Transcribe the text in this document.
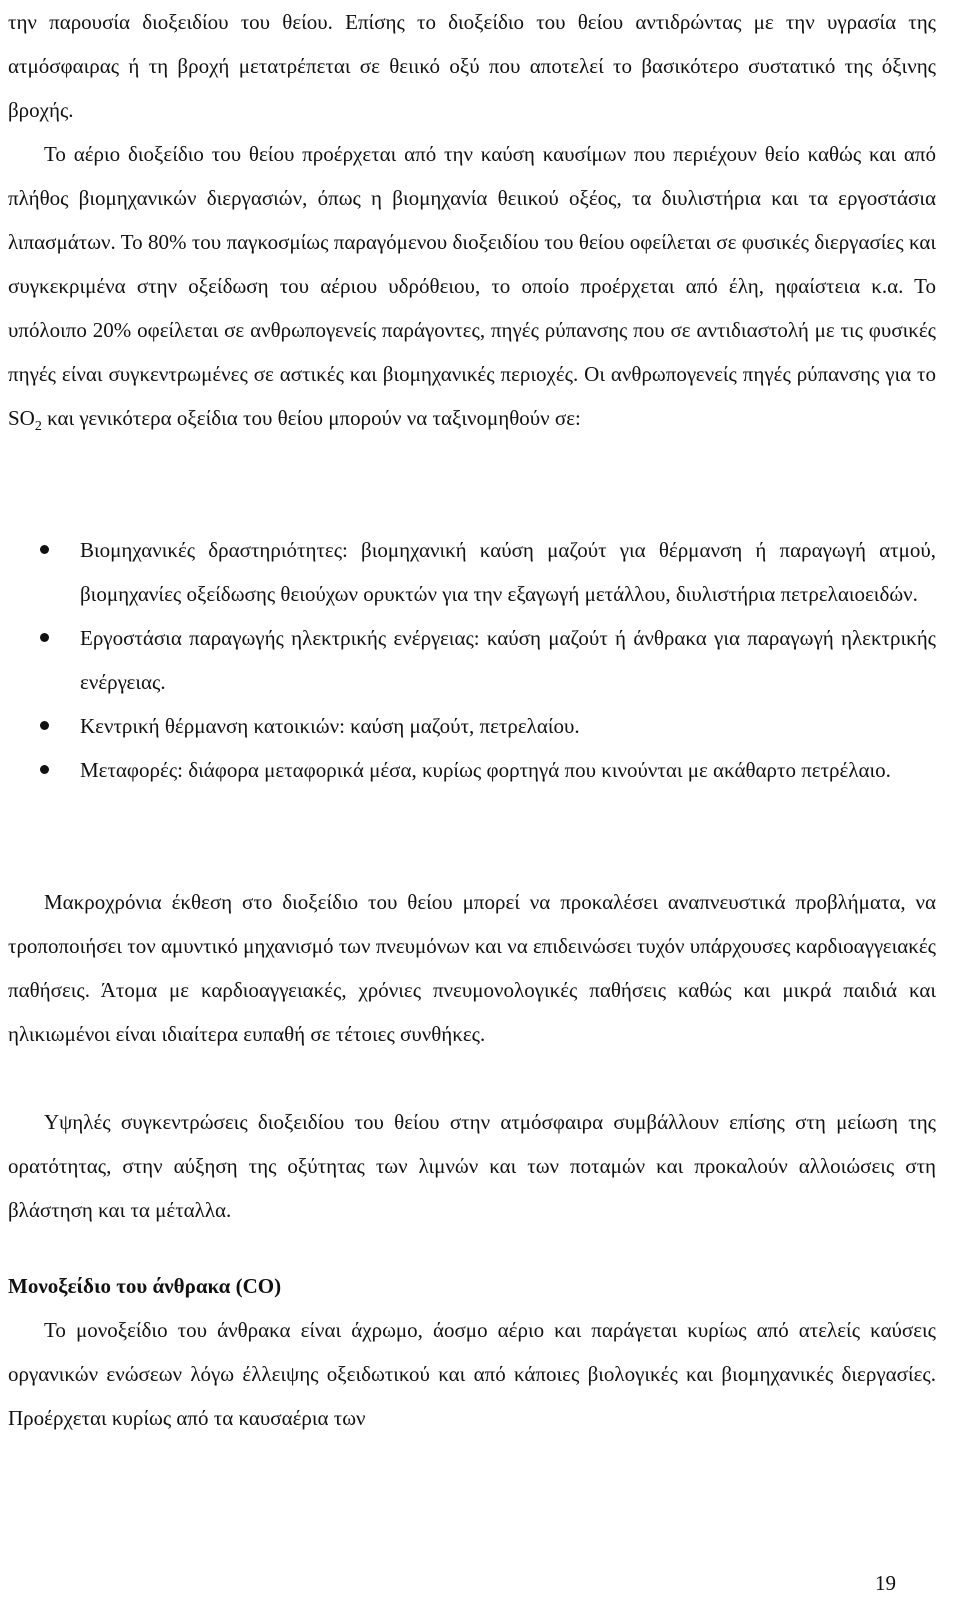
την παρουσία διοξειδίου του θείου. Επίσης το διοξείδιο του θείου αντιδρώντας με την υγρασία της ατμόσφαιρας ή τη βροχή μετατρέπεται σε θειικό οξύ που αποτελεί το βασικότερο συστατικό της όξινης βροχής.

Το αέριο διοξείδιο του θείου προέρχεται από την καύση καυσίμων που περιέχουν θείο καθώς και από πλήθος βιομηχανικών διεργασιών, όπως η βιομηχανία θειικού οξέος, τα διυλιστήρια και τα εργοστάσια λιπασμάτων. Το 80% του παγκοσμίως παραγόμενου διοξειδίου του θείου οφείλεται σε φυσικές διεργασίες και συγκεκριμένα στην οξείδωση του αέριου υδρόθειου, το οποίο προέρχεται από έλη, ηφαίστεια κ.α. Το υπόλοιπο 20% οφείλεται σε ανθρωπογενείς παράγοντες, πηγές ρύπανσης που σε αντιδιαστολή με τις φυσικές πηγές είναι συγκεντρωμένες σε αστικές και βιομηχανικές περιοχές. Οι ανθρωπογενείς πηγές ρύπανσης για το $SO_2$ και γενικότερα οξείδια του θείου μπορούν να ταξινομηθούν σε:

Βιομηχανικές δραστηριότητες: βιομηχανική καύση μαζούτ για θέρμανση ή παραγωγή ατμού, βιομηχανίες οξείδωσης θειούχων ορυκτών για την εξαγωγή μετάλλου, διυλιστήρια πετρελαιοειδών.
Εργοστάσια παραγωγής ηλεκτρικής ενέργειας: καύση μαζούτ ή άνθρακα για παραγωγή ηλεκτρικής ενέργειας.
Κεντρική θέρμανση κατοικιών: καύση μαζούτ, πετρελαίου.
Μεταφορές: διάφορα μεταφορικά μέσα, κυρίως φορτηγά που κινούνται με ακάθαρτο πετρέλαιο.

Μακροχρόνια έκθεση στο διοξείδιο του θείου μπορεί να προκαλέσει αναπνευστικά προβλήματα, να τροποποιήσει τον αμυντικό μηχανισμό των πνευμόνων και να επιδεινώσει τυχόν υπάρχουσες καρδιοαγγειακές παθήσεις. Άτομα με καρδιοαγγειακές, χρόνιες πνευμονολογικές παθήσεις καθώς και μικρά παιδιά και ηλικιωμένοι είναι ιδιαίτερα ευπαθή σε τέτοιες συνθήκες.

Υψηλές συγκεντρώσεις διοξειδίου του θείου στην ατμόσφαιρα συμβάλλουν επίσης στη μείωση της ορατότητας, στην αύξηση της οξύτητας των λιμνών και των ποταμών και προκαλούν αλλοιώσεις στη βλάστηση και τα μέταλλα.

Μονοξείδιο του άνθρακα (CO)

Το μονοξείδιο του άνθρακα είναι άχρωμο, άοσμο αέριο και παράγεται κυρίως από ατελείς καύσεις οργανικών ενώσεων λόγω έλλειψης οξειδωτικού και από κάποιες βιολογικές και βιομηχανικές διεργασίες. Προέρχεται κυρίως από τα καυσαέρια των

19
